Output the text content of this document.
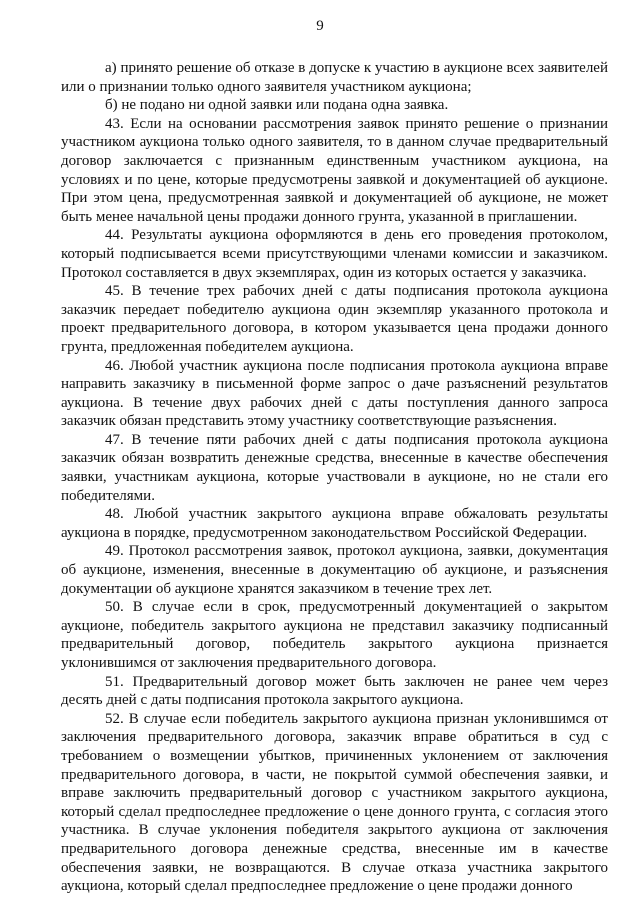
9

а) принято решение об отказе в допуске к участию в аукционе всех заявителей или о признании только одного заявителя участником аукциона;

б) не подано ни одной заявки или подана одна заявка.

43. Если на основании рассмотрения заявок принято решение о признании участником аукциона только одного заявителя, то в данном случае предварительный договор заключается с признанным единственным участником аукциона, на условиях и по цене, которые предусмотрены заявкой и документацией об аукционе. При этом цена, предусмотренная заявкой и документацией об аукционе, не может быть менее начальной цены продажи донного грунта, указанной в приглашении.

44. Результаты аукциона оформляются в день его проведения протоколом, который подписывается всеми присутствующими членами комиссии и заказчиком. Протокол составляется в двух экземплярах, один из которых остается у заказчика.

45. В течение трех рабочих дней с даты подписания протокола аукциона заказчик передает победителю аукциона один экземпляр указанного протокола и проект предварительного договора, в котором указывается цена продажи донного грунта, предложенная победителем аукциона.

46. Любой участник аукциона после подписания протокола аукциона вправе направить заказчику в письменной форме запрос о даче разъяснений результатов аукциона. В течение двух рабочих дней с даты поступления данного запроса заказчик обязан представить этому участнику соответствующие разъяснения.

47. В течение пяти рабочих дней с даты подписания протокола аукциона заказчик обязан возвратить денежные средства, внесенные в качестве обеспечения заявки, участникам аукциона, которые участвовали в аукционе, но не стали его победителями.

48. Любой участник закрытого аукциона вправе обжаловать результаты аукциона в порядке, предусмотренном законодательством Российской Федерации.

49. Протокол рассмотрения заявок, протокол аукциона, заявки, документация об аукционе, изменения, внесенные в документацию об аукционе, и разъяснения документации об аукционе хранятся заказчиком в течение трех лет.

50. В случае если в срок, предусмотренный документацией о закрытом аукционе, победитель закрытого аукциона не представил заказчику подписанный предварительный договор, победитель закрытого аукциона признается уклонившимся от заключения предварительного договора.

51. Предварительный договор может быть заключен не ранее чем через десять дней с даты подписания протокола закрытого аукциона.

52. В случае если победитель закрытого аукциона признан уклонившимся от заключения предварительного договора, заказчик вправе обратиться в суд с требованием о возмещении убытков, причиненных уклонением от заключения предварительного договора, в части, не покрытой суммой обеспечения заявки, и вправе заключить предварительный договор с участником закрытого аукциона, который сделал предпоследнее предложение о цене донного грунта, с согласия этого участника. В случае уклонения победителя закрытого аукциона от заключения предварительного договора денежные средства, внесенные им в качестве обеспечения заявки, не возвращаются. В случае отказа участника закрытого аукциона, который сделал предпоследнее предложение о цене продажи донного
